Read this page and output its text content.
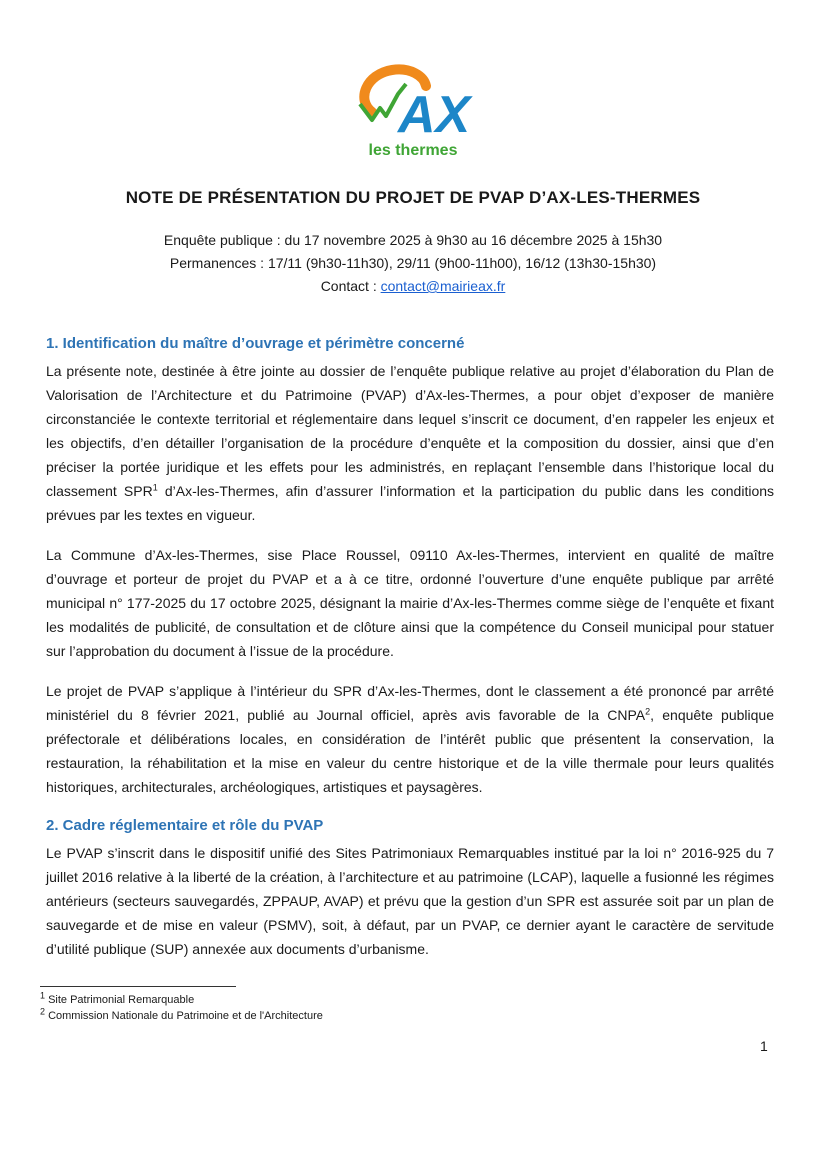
AX
les thermes
NOTE DE PRÉSENTATION DU PROJET DE PVAP D’AX-LES-THERMES
Enquête publique : du 17 novembre 2025 à 9h30 au 16 décembre 2025 à 15h30
Permanences : 17/11 (9h30-11h30), 29/11 (9h00-11h00), 16/12 (13h30-15h30)
Contact : contact@mairieax.fr
1. Identification du maître d’ouvrage et périmètre concerné

La présente note, destinée à être jointe au dossier de l’enquête publique relative au projet d’élaboration du Plan de Valorisation de l’Architecture et du Patrimoine (PVAP) d’Ax-les-Thermes, a pour objet d’exposer de manière circonstanciée le contexte territorial et réglementaire dans lequel s’inscrit ce document, d’en rappeler les enjeux et les objectifs, d’en détailler l’organisation de la procédure d’enquête et la composition du dossier, ainsi que d’en préciser la portée juridique et les effets pour les administrés, en replaçant l’ensemble dans l’historique local du classement SPR$^1$ d’Ax-les-Thermes, afin d’assurer l’information et la participation du public dans les conditions prévues par les textes en vigueur.

La Commune d’Ax-les-Thermes, sise Place Roussel, 09110 Ax-les-Thermes, intervient en qualité de maître d’ouvrage et porteur de projet du PVAP et a à ce titre, ordonné l’ouverture d’une enquête publique par arrêté municipal n° 177-2025 du 17 octobre 2025, désignant la mairie d’Ax-les-Thermes comme siège de l’enquête et fixant les modalités de publicité, de consultation et de clôture ainsi que la compétence du Conseil municipal pour statuer sur l’approbation du document à l’issue de la procédure.

Le projet de PVAP s’applique à l’intérieur du SPR d’Ax-les-Thermes, dont le classement a été prononcé par arrêté ministériel du 8 février 2021, publié au Journal officiel, après avis favorable de la CNPA$^2$, enquête publique préfectorale et délibérations locales, en considération de l’intérêt public que présentent la conservation, la restauration, la réhabilitation et la mise en valeur du centre historique et de la ville thermale pour leurs qualités historiques, architecturales, archéologiques, artistiques et paysagères.

2. Cadre réglementaire et rôle du PVAP

Le PVAP s’inscrit dans le dispositif unifié des Sites Patrimoniaux Remarquables institué par la loi n° 2016-925 du 7 juillet 2016 relative à la liberté de la création, à l’architecture et au patrimoine (LCAP), laquelle a fusionné les régimes antérieurs (secteurs sauvegardés, ZPPAUP, AVAP) et prévu que la gestion d’un SPR est assurée soit par un plan de sauvegarde et de mise en valeur (PSMV), soit, à défaut, par un PVAP, ce dernier ayant le caractère de servitude d’utilité publique (SUP) annexée aux documents d’urbanisme.

$^1$ Site Patrimonial Remarquable
$^2$ Commission Nationale du Patrimoine et de l'Architecture
1
